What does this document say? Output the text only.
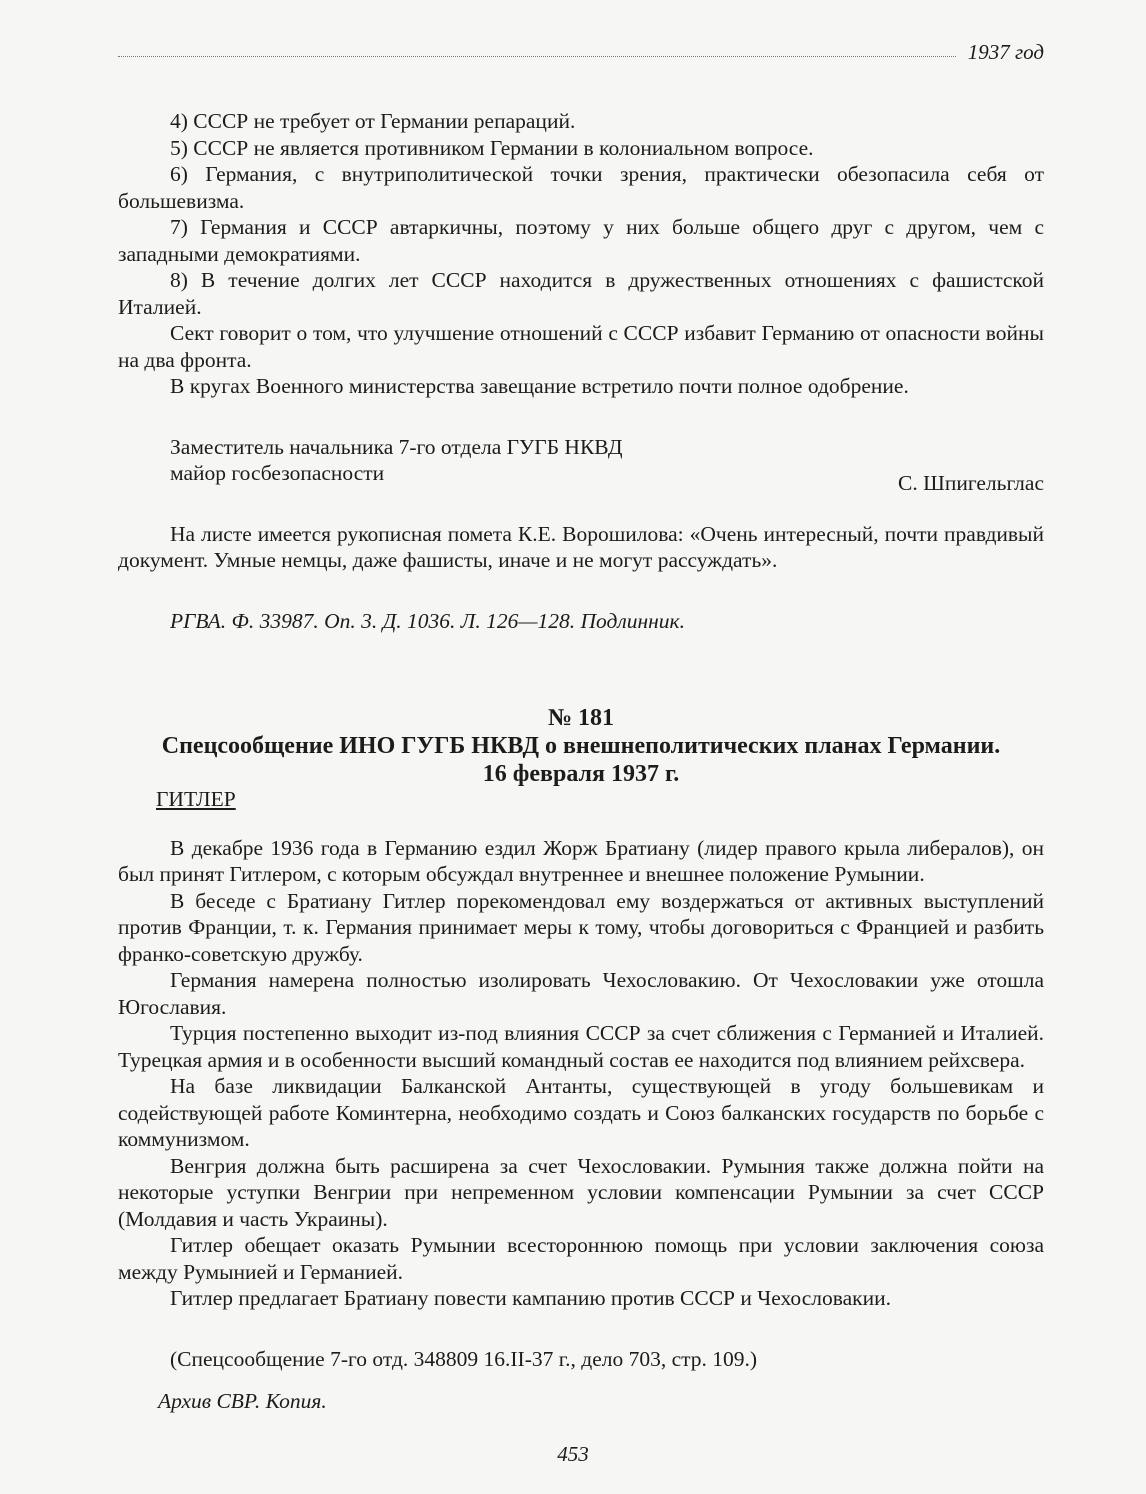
1937 год

4) СССР не требует от Германии репараций.

5) СССР не является противником Германии в колониальном вопросе.

6) Германия, с внутриполитической точки зрения, практически обезопасила себя от большевизма.

7) Германия и СССР автаркичны, поэтому у них больше общего друг с другом, чем с западными демократиями.

8) В течение долгих лет СССР находится в дружественных отношениях с фашистской Италией.

Сект говорит о том, что улучшение отношений с СССР избавит Германию от опасности войны на два фронта.

В кругах Военного министерства завещание встретило почти полное одобрение.

Заместитель начальника 7-го отдела ГУГБ НКВД
майор госбезопасности	С. Шпигельглас

На листе имеется рукописная помета К.Е. Ворошилова: «Очень интересный, почти правдивый документ. Умные немцы, даже фашисты, иначе и не могут рассуждать».

РГВА. Ф. 33987. Оп. 3. Д. 1036. Л. 126—128. Подлинник.
№ 181
Спецсообщение ИНО ГУГБ НКВД о внешнеполитических планах Германии.
16 февраля 1937 г.
ГИТЛЕР

В декабре 1936 года в Германию ездил Жорж Братиану (лидер правого крыла либералов), он был принят Гитлером, с которым обсуждал внутреннее и внешнее положение Румынии.

В беседе с Братиану Гитлер порекомендовал ему воздержаться от активных выступлений против Франции, т. к. Германия принимает меры к тому, чтобы договориться с Францией и разбить франко-советскую дружбу.

Германия намерена полностью изолировать Чехословакию. От Чехословакии уже отошла Югославия.

Турция постепенно выходит из-под влияния СССР за счет сближения с Германией и Италией. Турецкая армия и в особенности высший командный состав ее находится под влиянием рейхсвера.

На базе ликвидации Балканской Антанты, существующей в угоду большевикам и содействующей работе Коминтерна, необходимо создать и Союз балканских государств по борьбе с коммунизмом.

Венгрия должна быть расширена за счет Чехословакии. Румыния также должна пойти на некоторые уступки Венгрии при непременном условии компенсации Румынии за счет СССР (Молдавия и часть Украины).

Гитлер обещает оказать Румынии всестороннюю помощь при условии заключения союза между Румынией и Германией.

Гитлер предлагает Братиану повести кампанию против СССР и Чехословакии.

(Спецсообщение 7-го отд. 348809 16.II-37 г., дело 703, стр. 109.)

Архив СВР. Копия.
453
